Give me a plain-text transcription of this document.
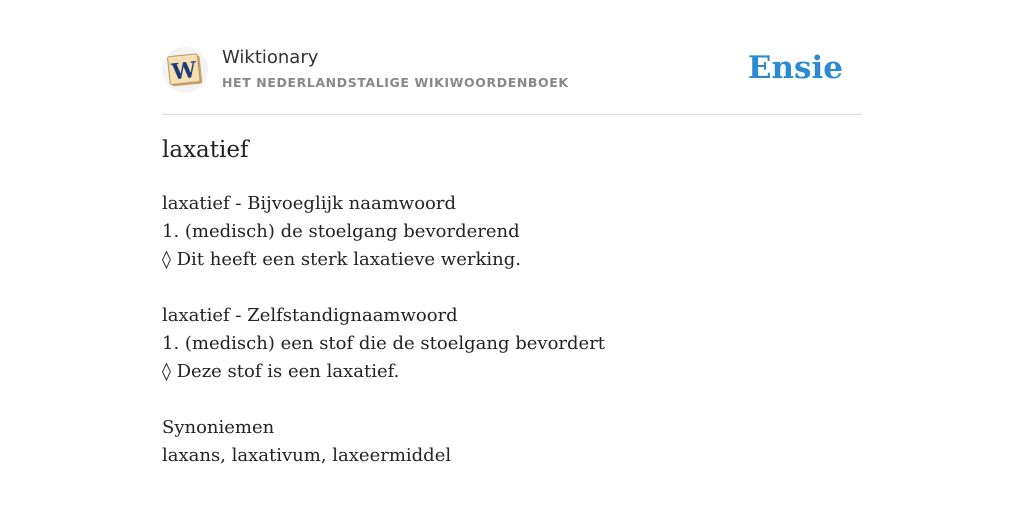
W Wiktionary
HET NEDERLANDSTALIGE WIKIWOORDENBOEK	Ensie
laxatief
laxatief - Bijvoeglijk naamwoord
1. (medisch) de stoelgang bevorderend
◊ Dit heeft een sterk laxatieve werking.
laxatief - Zelfstandignaamwoord
1. (medisch) een stof die de stoelgang bevordert
◊ Deze stof is een laxatief.
Synoniemen
laxans, laxativum, laxeermiddel
